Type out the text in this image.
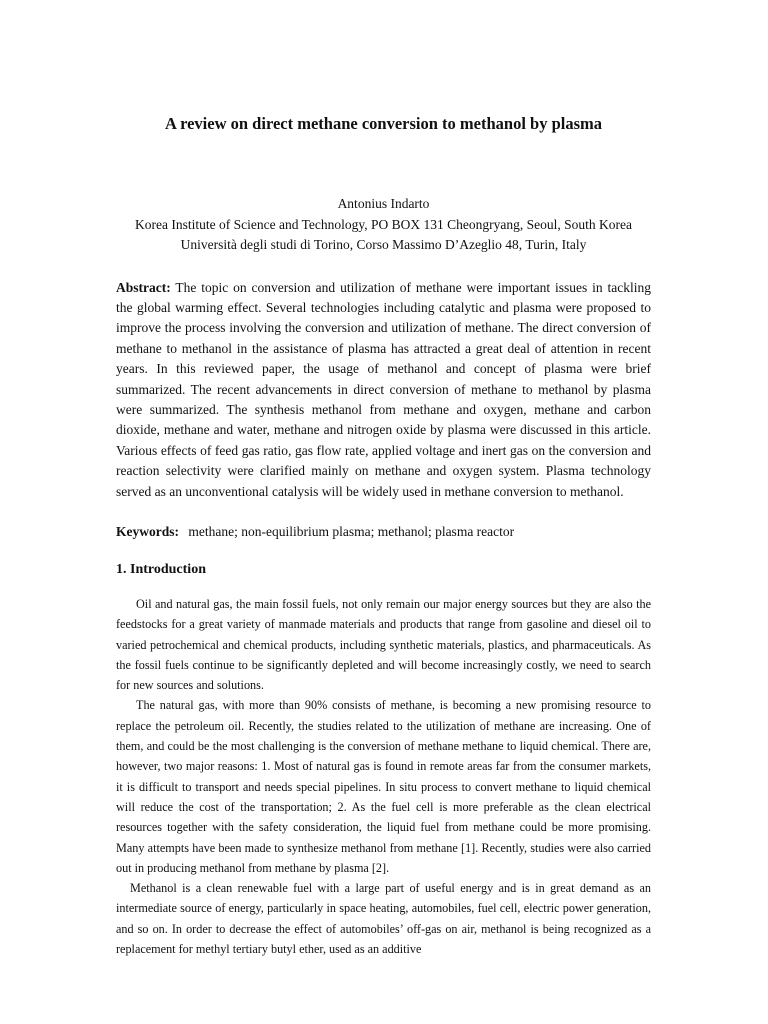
A review on direct methane conversion to methanol by plasma
Antonius Indarto
Korea Institute of Science and Technology, PO BOX 131 Cheongryang, Seoul, South Korea
Università degli studi di Torino, Corso Massimo D’Azeglio 48, Turin, Italy

Abstract: The topic on conversion and utilization of methane were important issues in tackling the global warming effect. Several technologies including catalytic and plasma were proposed to improve the process involving the conversion and utilization of methane. The direct conversion of methane to methanol in the assistance of plasma has attracted a great deal of attention in recent years. In this reviewed paper, the usage of methanol and concept of plasma were brief summarized. The recent advancements in direct conversion of methane to methanol by plasma were summarized. The synthesis methanol from methane and oxygen, methane and carbon dioxide, methane and water, methane and nitrogen oxide by plasma were discussed in this article. Various effects of feed gas ratio, gas flow rate, applied voltage and inert gas on the conversion and reaction selectivity were clarified mainly on methane and oxygen system. Plasma technology served as an unconventional catalysis will be widely used in methane conversion to methanol.

Keywords: methane; non-equilibrium plasma; methanol; plasma reactor

1. Introduction

Oil and natural gas, the main fossil fuels, not only remain our major energy sources but they are also the feedstocks for a great variety of manmade materials and products that range from gasoline and diesel oil to varied petrochemical and chemical products, including synthetic materials, plastics, and pharmaceuticals. As the fossil fuels continue to be significantly depleted and will become increasingly costly, we need to search for new sources and solutions.

The natural gas, with more than 90% consists of methane, is becoming a new promising resource to replace the petroleum oil. Recently, the studies related to the utilization of methane are increasing. One of them, and could be the most challenging is the conversion of methane methane to liquid chemical. There are, however, two major reasons: 1. Most of natural gas is found in remote areas far from the consumer markets, it is difficult to transport and needs special pipelines. In situ process to convert methane to liquid chemical will reduce the cost of the transportation; 2. As the fuel cell is more preferable as the clean electrical resources together with the safety consideration, the liquid fuel from methane could be more promising. Many attempts have been made to synthesize methanol from methane [1]. Recently, studies were also carried out in producing methanol from methane by plasma [2].

Methanol is a clean renewable fuel with a large part of useful energy and is in great demand as an intermediate source of energy, particularly in space heating, automobiles, fuel cell, electric power generation, and so on. In order to decrease the effect of automobiles’ off-gas on air, methanol is being recognized as a replacement for methyl tertiary butyl ether, used as an additive
